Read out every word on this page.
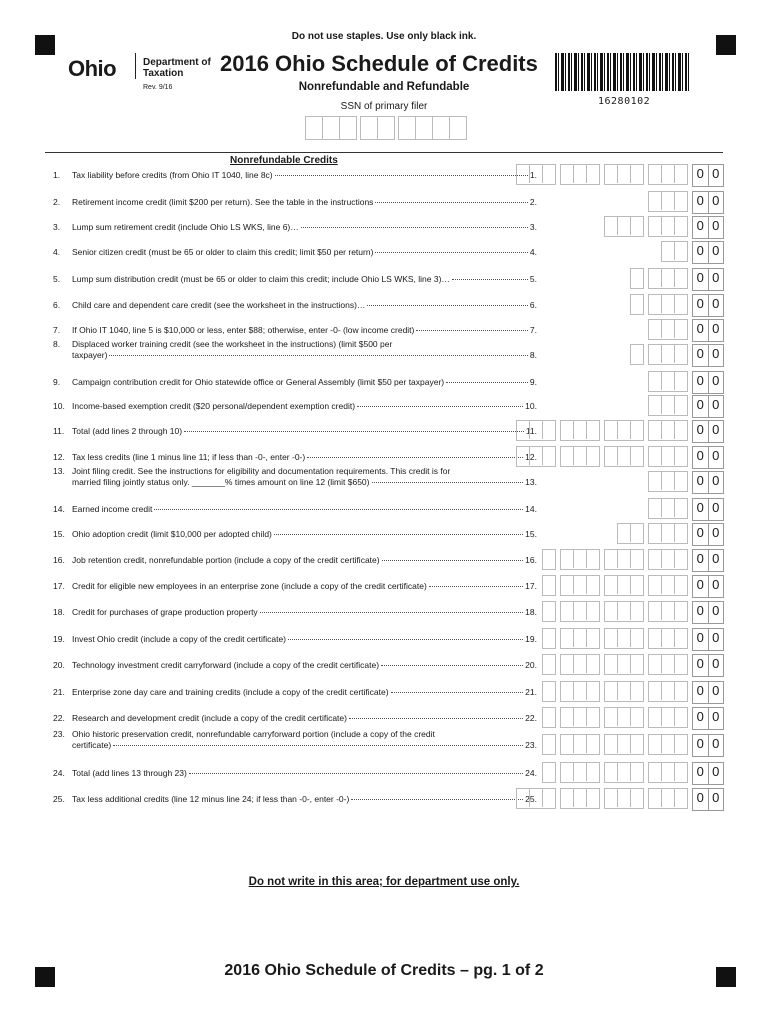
Do not use staples. Use only black ink.
Ohio	Department of
Taxation
Rev. 9/16
2016 Ohio Schedule of Credits
Nonrefundable and Refundable
SSN of primary filer	16280102
Nonrefundable Credits
1.	Tax liability before credits (from Ohio IT 1040, line 8c)	1.	0 0
2.	Retirement income credit (limit $200 per return). See the table in the instructions	2.	0 0
3.	Lump sum retirement credit (include Ohio LS WKS, line 6)…	3.	0 0
4.	Senior citizen credit (must be 65 or older to claim this credit; limit $50 per return)	4.	0 0
5.	Lump sum distribution credit (must be 65 or older to claim this credit; include Ohio LS WKS, line 3)…	5.	0 0
6.	Child care and dependent care credit (see the worksheet in the instructions)…	6.	0 0
7.	If Ohio IT 1040, line 5 is $10,000 or less, enter $88; otherwise, enter -0- (low income credit)	7.	0 0
8.	Displaced worker training credit (see the worksheet in the instructions) (limit $500 per
taxpayer)	8.	0 0
9.	Campaign contribution credit for Ohio statewide office or General Assembly (limit $50 per taxpayer)	9.	0 0
10. Income-based exemption credit ($20 personal/dependent exemption credit)	10.	0 0
11. Total (add lines 2 through 10)	11.	0 0
12. Tax less credits (line 1 minus line 11; if less than -0-, enter -0-)	12.	0 0
13. Joint filing credit. See the instructions for eligibility and documentation requirements. This credit is for
married filing jointly status only. _______% times amount on line 12 (limit $650)	13.	0 0
14. Earned income credit	14.	0 0
15. Ohio adoption credit (limit $10,000 per adopted child)	15.	0 0
16. Job retention credit, nonrefundable portion (include a copy of the credit certificate)	16.	0 0
17. Credit for eligible new employees in an enterprise zone (include a copy of the credit certificate)	17.	0 0
18. Credit for purchases of grape production property	18.	0 0
19. Invest Ohio credit (include a copy of the credit certificate)	19.	0 0
20. Technology investment credit carryforward (include a copy of the credit certificate)	20.	0 0
21. Enterprise zone day care and training credits (include a copy of the credit certificate)	21.	0 0
22. Research and development credit (include a copy of the credit certificate)	22.	0 0
23. Ohio historic preservation credit, nonrefundable carryforward portion (include a copy of the credit
certificate)	23.	0 0
24. Total (add lines 13 through 23)	24.	0 0
25. Tax less additional credits (line 12 minus line 24; if less than -0-, enter -0-)	25.	0 0
Do not write in this area; for department use only.
2016 Ohio Schedule of Credits – pg. 1 of 2
